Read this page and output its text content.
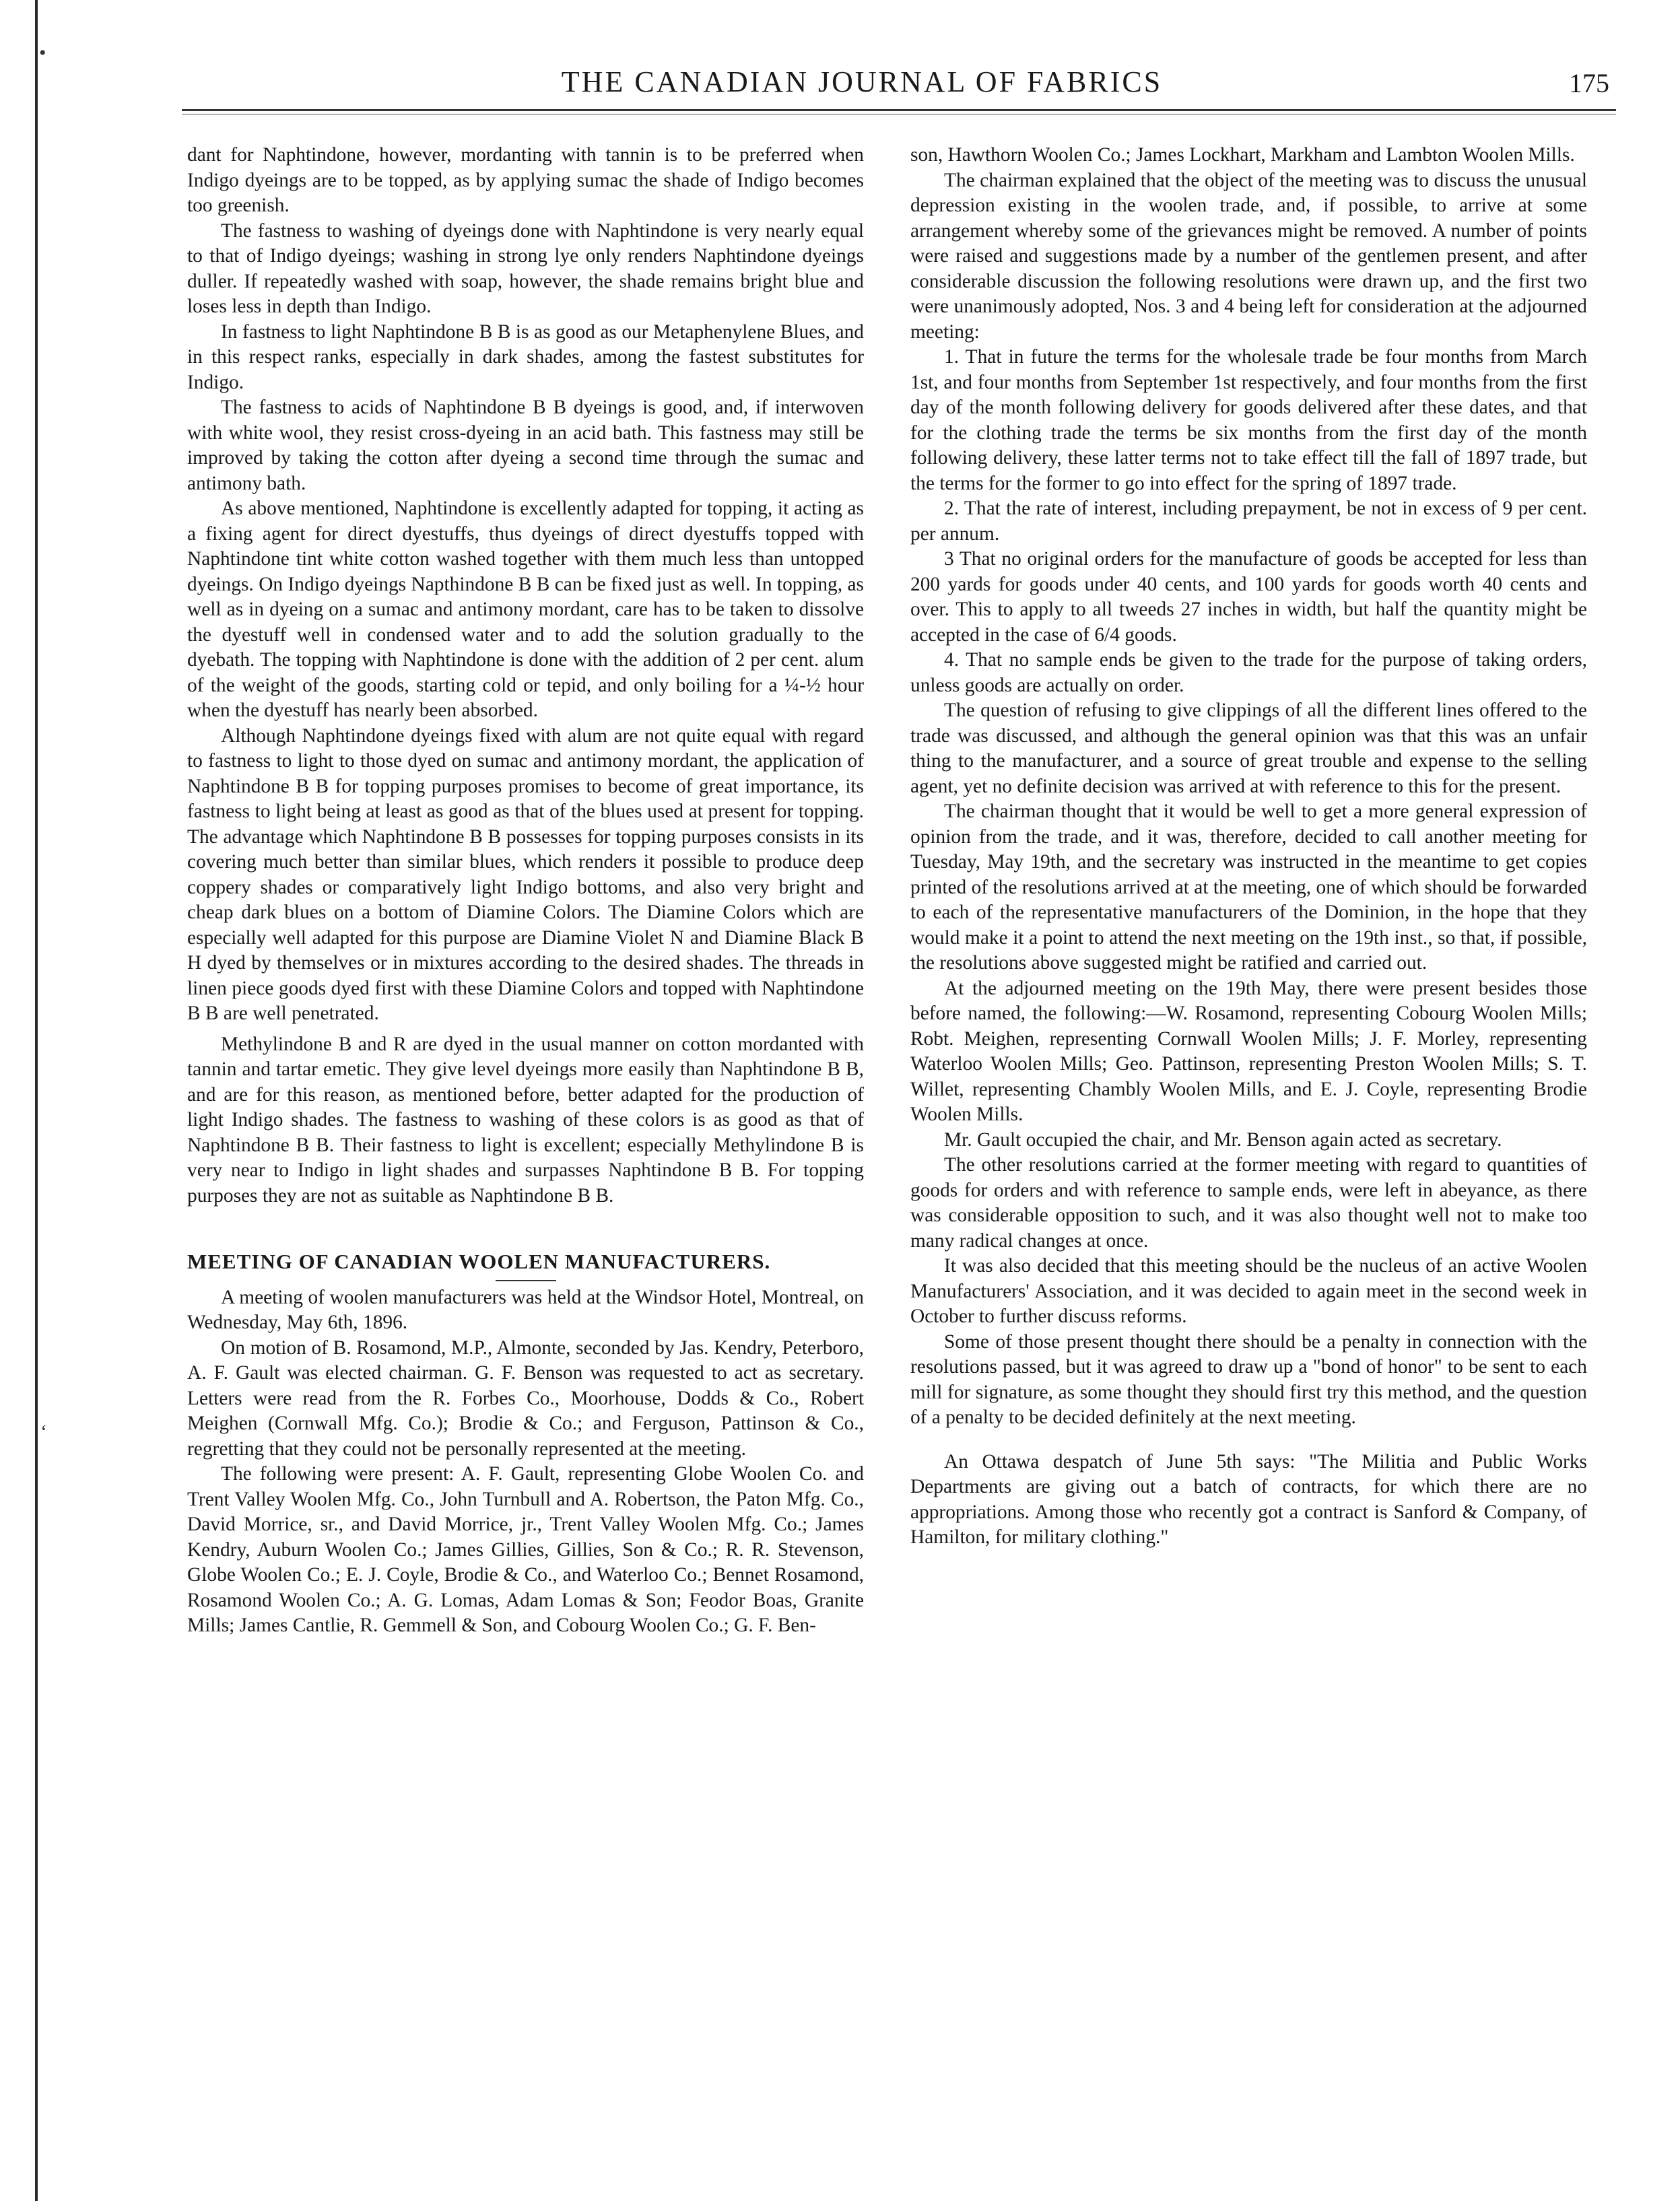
•
‘
THE CANADIAN JOURNAL OF FABRICS	175

dant for Naphtindone, however, mordanting with tannin is to be preferred when Indigo dyeings are to be topped, as by applying sumac the shade of Indigo becomes too greenish.

The fastness to washing of dyeings done with Naphtindone is very nearly equal to that of Indigo dyeings; washing in strong lye only renders Naphtindone dyeings duller. If repeatedly washed with soap, however, the shade remains bright blue and loses less in depth than Indigo.

In fastness to light Naphtindone B B is as good as our Metaphenylene Blues, and in this respect ranks, especially in dark shades, among the fastest substitutes for Indigo.

The fastness to acids of Naphtindone B B dyeings is good, and, if interwoven with white wool, they resist cross-dyeing in an acid bath. This fastness may still be improved by taking the cotton after dyeing a second time through the sumac and antimony bath.

As above mentioned, Naphtindone is excellently adapted for topping, it acting as a fixing agent for direct dyestuffs, thus dyeings of direct dyestuffs topped with Naphtindone tint white cotton washed together with them much less than untopped dyeings. On Indigo dyeings Napthindone B B can be fixed just as well. In topping, as well as in dyeing on a sumac and antimony mordant, care has to be taken to dissolve the dyestuff well in condensed water and to add the solution gradually to the dyebath. The topping with Naphtindone is done with the addition of 2 per cent. alum of the weight of the goods, starting cold or tepid, and only boiling for a ¼-½ hour when the dyestuff has nearly been absorbed.

Although Naphtindone dyeings fixed with alum are not quite equal with regard to fastness to light to those dyed on sumac and antimony mordant, the application of Naphtindone B B for topping purposes promises to become of great importance, its fastness to light being at least as good as that of the blues used at present for topping. The advantage which Naphtindone B B possesses for topping purposes consists in its covering much better than similar blues, which renders it possible to produce deep coppery shades or comparatively light Indigo bottoms, and also very bright and cheap dark blues on a bottom of Diamine Colors. The Diamine Colors which are especially well adapted for this purpose are Diamine Violet N and Diamine Black B H dyed by themselves or in mixtures according to the desired shades. The threads in linen piece goods dyed first with these Diamine Colors and topped with Naphtindone B B are well penetrated.

Methylindone B and R are dyed in the usual manner on cotton mordanted with tannin and tartar emetic. They give level dyeings more easily than Naphtindone B B, and are for this reason, as mentioned before, better adapted for the production of light Indigo shades. The fastness to washing of these colors is as good as that of Naphtindone B B. Their fastness to light is excellent; especially Methylindone B is very near to Indigo in light shades and surpasses Naphtindone B B. For topping purposes they are not as suitable as Naphtindone B B.

MEETING OF CANADIAN WOOLEN MANUFACTURERS.

A meeting of woolen manufacturers was held at the Windsor Hotel, Montreal, on Wednesday, May 6th, 1896.

On motion of B. Rosamond, M.P., Almonte, seconded by Jas. Kendry, Peterboro, A. F. Gault was elected chairman. G. F. Benson was requested to act as secretary. Letters were read from the R. Forbes Co., Moorhouse, Dodds & Co., Robert Meighen (Cornwall Mfg. Co.); Brodie & Co.; and Ferguson, Pattinson & Co., regretting that they could not be personally represented at the meeting.

The following were present: A. F. Gault, representing Globe Woolen Co. and Trent Valley Woolen Mfg. Co., John Turnbull and A. Robertson, the Paton Mfg. Co., David Morrice, sr., and David Morrice, jr., Trent Valley Woolen Mfg. Co.; James Kendry, Auburn Woolen Co.; James Gillies, Gillies, Son & Co.; R. R. Stevenson, Globe Woolen Co.; E. J. Coyle, Brodie & Co., and Waterloo Co.; Bennet Rosamond, Rosamond Woolen Co.; A. G. Lomas, Adam Lomas & Son; Feodor Boas, Granite Mills; James Cantlie, R. Gemmell & Son, and Cobourg Woolen Co.; G. F. Ben-

son, Hawthorn Woolen Co.; James Lockhart, Markham and Lambton Woolen Mills.

The chairman explained that the object of the meeting was to discuss the unusual depression existing in the woolen trade, and, if possible, to arrive at some arrangement whereby some of the grievances might be removed. A number of points were raised and suggestions made by a number of the gentlemen present, and after considerable discussion the following resolutions were drawn up, and the first two were unanimously adopted, Nos. 3 and 4 being left for consideration at the adjourned meeting:

1. That in future the terms for the wholesale trade be four months from March 1st, and four months from September 1st respectively, and four months from the first day of the month following delivery for goods delivered after these dates, and that for the clothing trade the terms be six months from the first day of the month following delivery, these latter terms not to take effect till the fall of 1897 trade, but the terms for the former to go into effect for the spring of 1897 trade.

2. That the rate of interest, including prepayment, be not in excess of 9 per cent. per annum.

3 That no original orders for the manufacture of goods be accepted for less than 200 yards for goods under 40 cents, and 100 yards for goods worth 40 cents and over. This to apply to all tweeds 27 inches in width, but half the quantity might be accepted in the case of 6/4 goods.

4. That no sample ends be given to the trade for the purpose of taking orders, unless goods are actually on order.

The question of refusing to give clippings of all the different lines offered to the trade was discussed, and although the general opinion was that this was an unfair thing to the manufacturer, and a source of great trouble and expense to the selling agent, yet no definite decision was arrived at with reference to this for the present.

The chairman thought that it would be well to get a more general expression of opinion from the trade, and it was, therefore, decided to call another meeting for Tuesday, May 19th, and the secretary was instructed in the meantime to get copies printed of the resolutions arrived at at the meeting, one of which should be forwarded to each of the representative manufacturers of the Dominion, in the hope that they would make it a point to attend the next meeting on the 19th inst., so that, if possible, the resolutions above suggested might be ratified and carried out.

At the adjourned meeting on the 19th May, there were present besides those before named, the following:—W. Rosamond, representing Cobourg Woolen Mills; Robt. Meighen, representing Cornwall Woolen Mills; J. F. Morley, representing Waterloo Woolen Mills; Geo. Pattinson, representing Preston Woolen Mills; S. T. Willet, representing Chambly Woolen Mills, and E. J. Coyle, representing Brodie Woolen Mills.

Mr. Gault occupied the chair, and Mr. Benson again acted as secretary.

The other resolutions carried at the former meeting with regard to quantities of goods for orders and with reference to sample ends, were left in abeyance, as there was considerable opposition to such, and it was also thought well not to make too many radical changes at once.

It was also decided that this meeting should be the nucleus of an active Woolen Manufacturers' Association, and it was decided to again meet in the second week in October to further discuss reforms.

Some of those present thought there should be a penalty in connection with the resolutions passed, but it was agreed to draw up a "bond of honor" to be sent to each mill for signature, as some thought they should first try this method, and the question of a penalty to be decided definitely at the next meeting.

An Ottawa despatch of June 5th says: "The Militia and Public Works Departments are giving out a batch of contracts, for which there are no appropriations. Among those who recently got a contract is Sanford & Company, of Hamilton, for military clothing."
